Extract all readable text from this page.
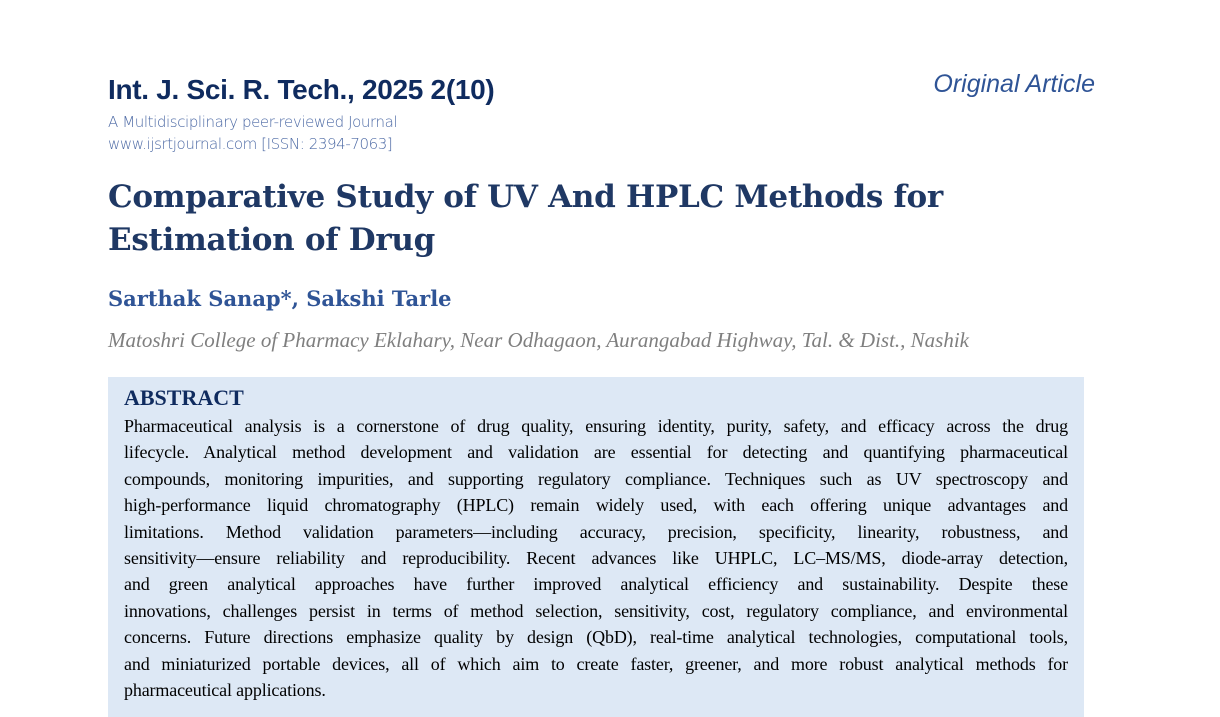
Int. J. Sci. R. Tech., 2025 2(10)
A Multidisciplinary peer-reviewed Journal
www.ijsrtjournal.com [ISSN: 2394-7063]
Original Article
Comparative Study of UV And HPLC Methods for
Estimation of Drug
Sarthak Sanap*, Sakshi Tarle
Matoshri College of Pharmacy Eklahary, Near Odhagaon, Aurangabad Highway, Tal. & Dist., Nashik
ABSTRACT
Pharmaceutical analysis is a cornerstone of drug quality, ensuring identity, purity, safety, and efficacy across the drug
lifecycle. Analytical method development and validation are essential for detecting and quantifying pharmaceutical
compounds, monitoring impurities, and supporting regulatory compliance. Techniques such as UV spectroscopy and
high-performance liquid chromatography (HPLC) remain widely used, with each offering unique advantages and
limitations. Method validation parameters—including accuracy, precision, specificity, linearity, robustness, and
sensitivity—ensure reliability and reproducibility. Recent advances like UHPLC, LC–MS/MS, diode-array detection,
and green analytical approaches have further improved analytical efficiency and sustainability. Despite these
innovations, challenges persist in terms of method selection, sensitivity, cost, regulatory compliance, and environmental
concerns. Future directions emphasize quality by design (QbD), real-time analytical technologies, computational tools,
and miniaturized portable devices, all of which aim to create faster, greener, and more robust analytical methods for
pharmaceutical applications.
